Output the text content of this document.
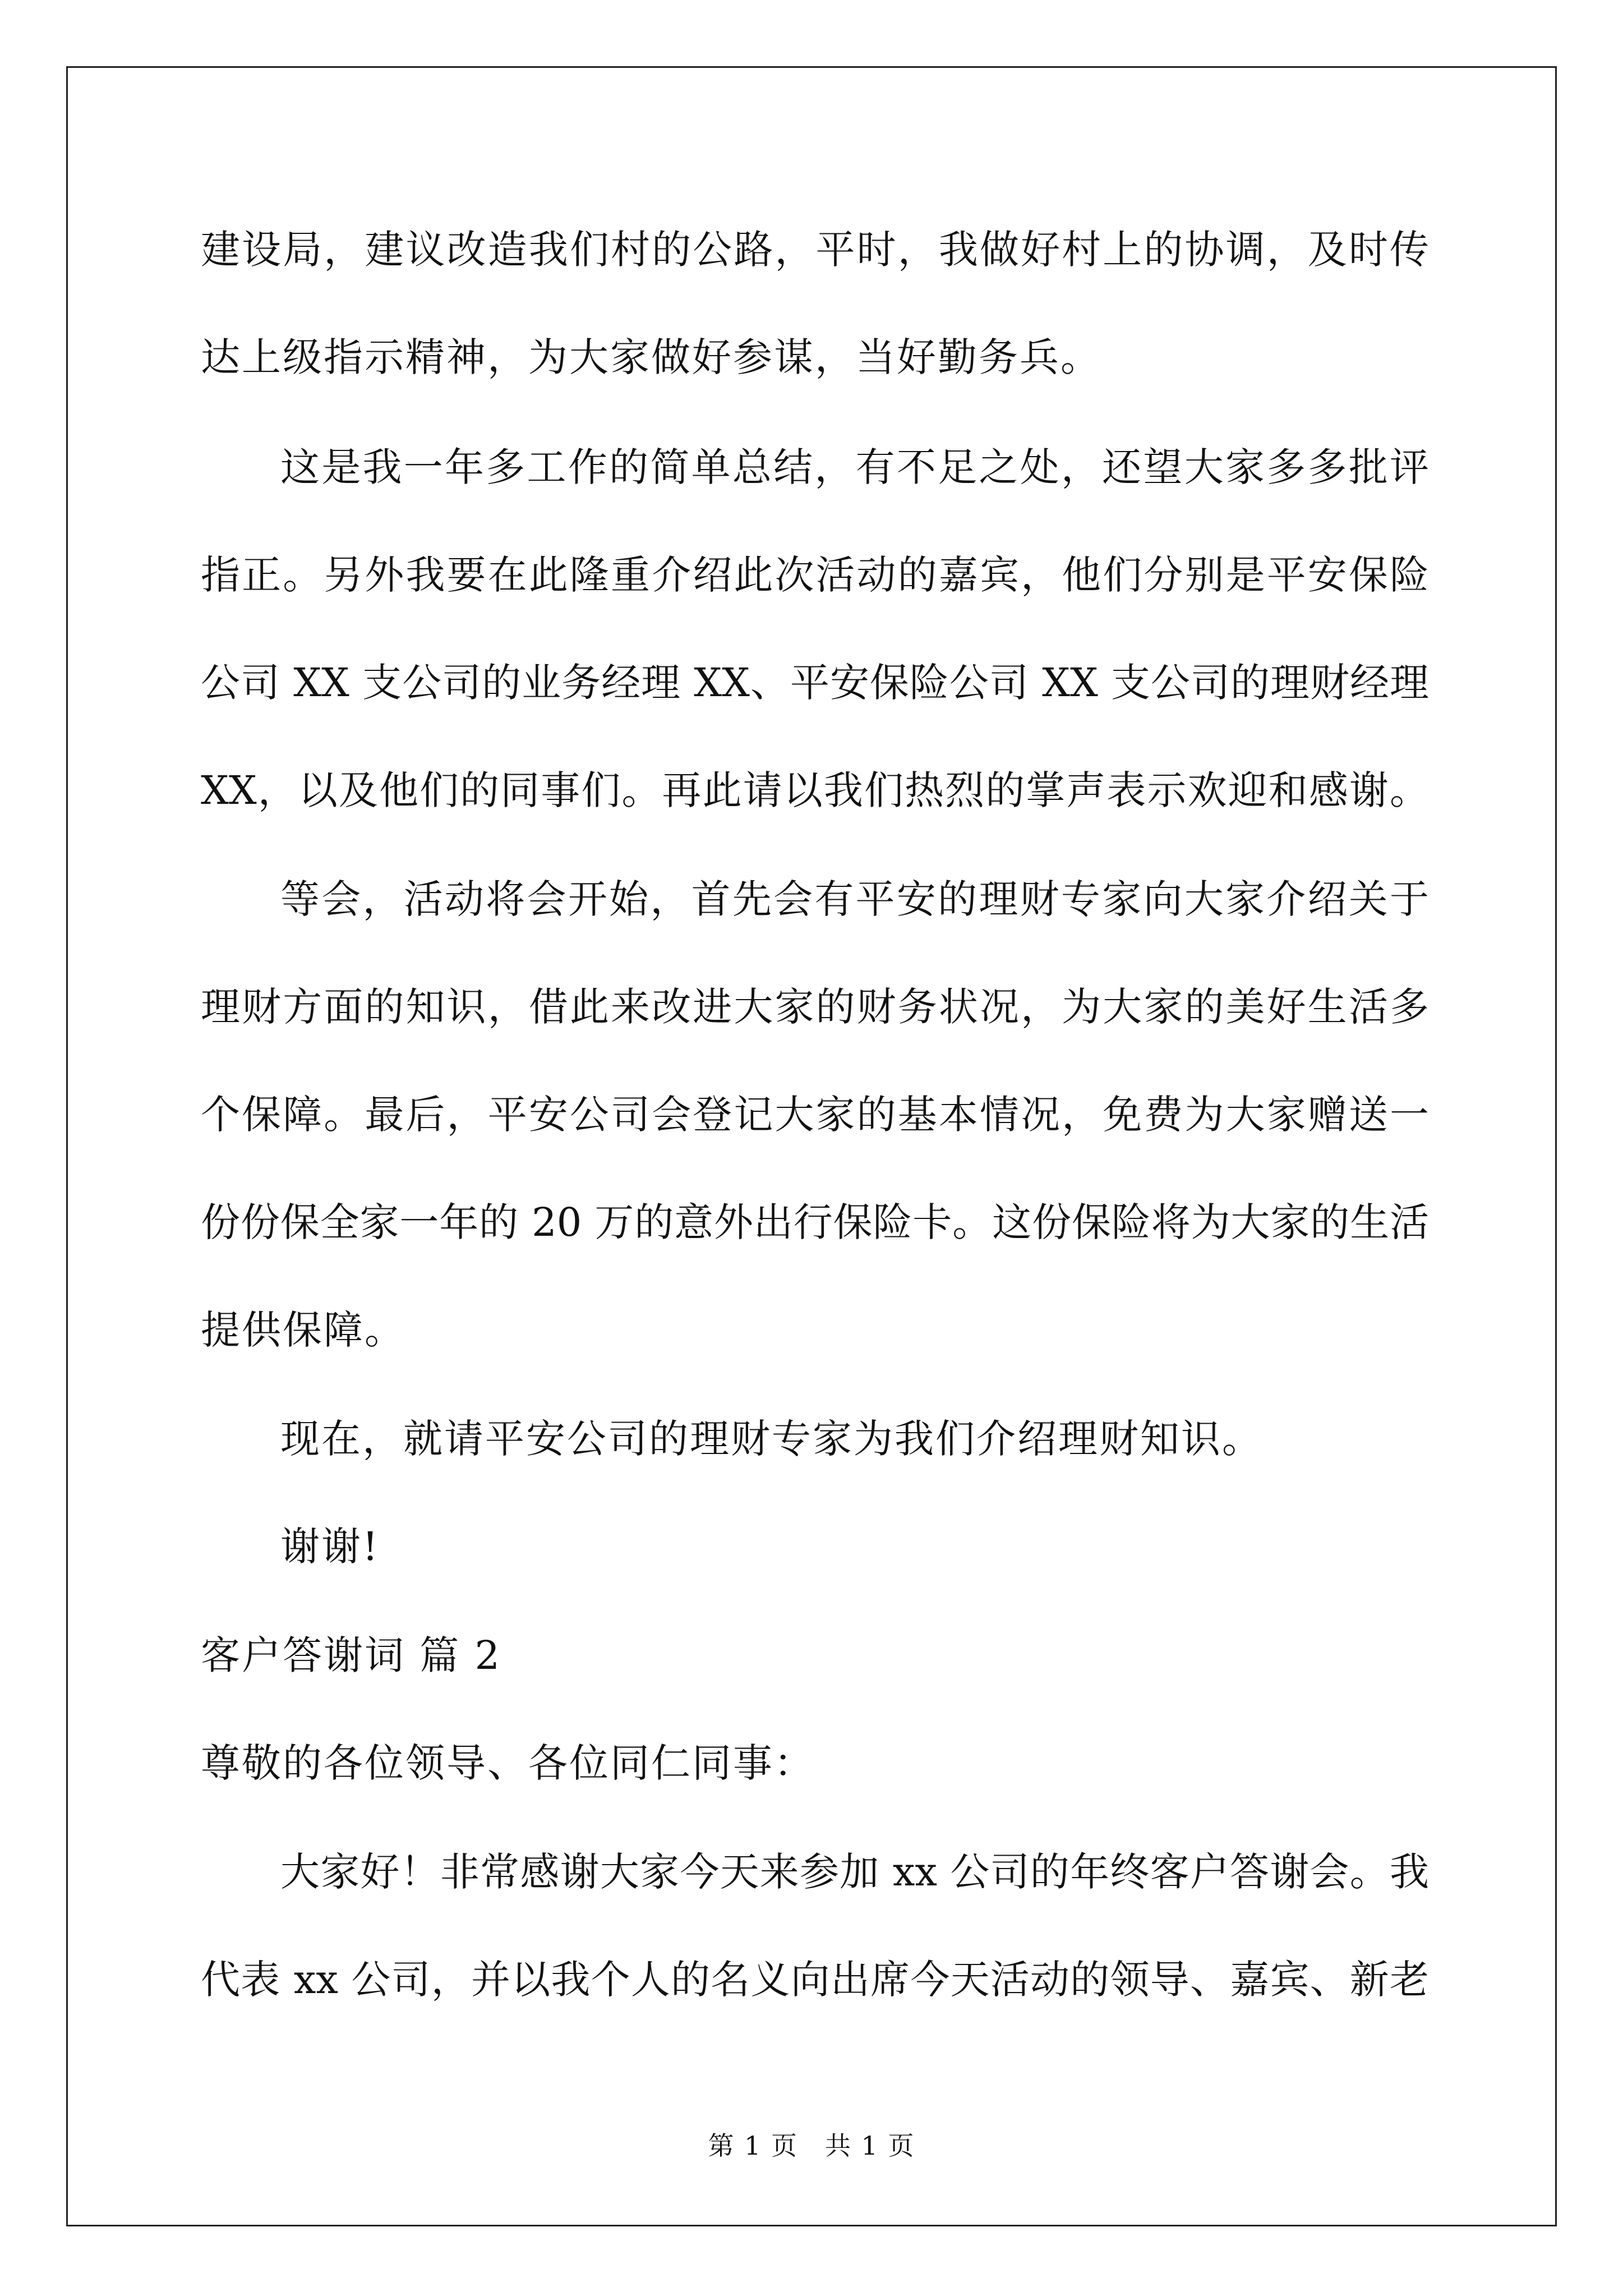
建设局，建议改造我们村的公路，平时，我做好村上的协调，及时传
达上级指示精神，为大家做好参谋，当好勤务兵。
这是我一年多工作的简单总结，有不足之处，还望大家多多批评
指正。另外我要在此隆重介绍此次活动的嘉宾，他们分别是平安保险
公司 XX 支公司的业务经理 XX、平安保险公司 XX 支公司的理财经理
XX，以及他们的同事们。再此请以我们热烈的掌声表示欢迎和感谢。
等会，活动将会开始，首先会有平安的理财专家向大家介绍关于
理财方面的知识，借此来改进大家的财务状况，为大家的美好生活多
个保障。最后，平安公司会登记大家的基本情况，免费为大家赠送一
份份保全家一年的 20 万的意外出行保险卡。这份保险将为大家的生活
提供保障。
现在，就请平安公司的理财专家为我们介绍理财知识。
谢谢!
客户答谢词 篇 2
尊敬的各位领导、各位同仁同事：
大家好！非常感谢大家今天来参加 xx 公司的年终客户答谢会。我
代表 xx 公司，并以我个人的名义向出席今天活动的领导、嘉宾、新老
第 1 页　共 1 页
